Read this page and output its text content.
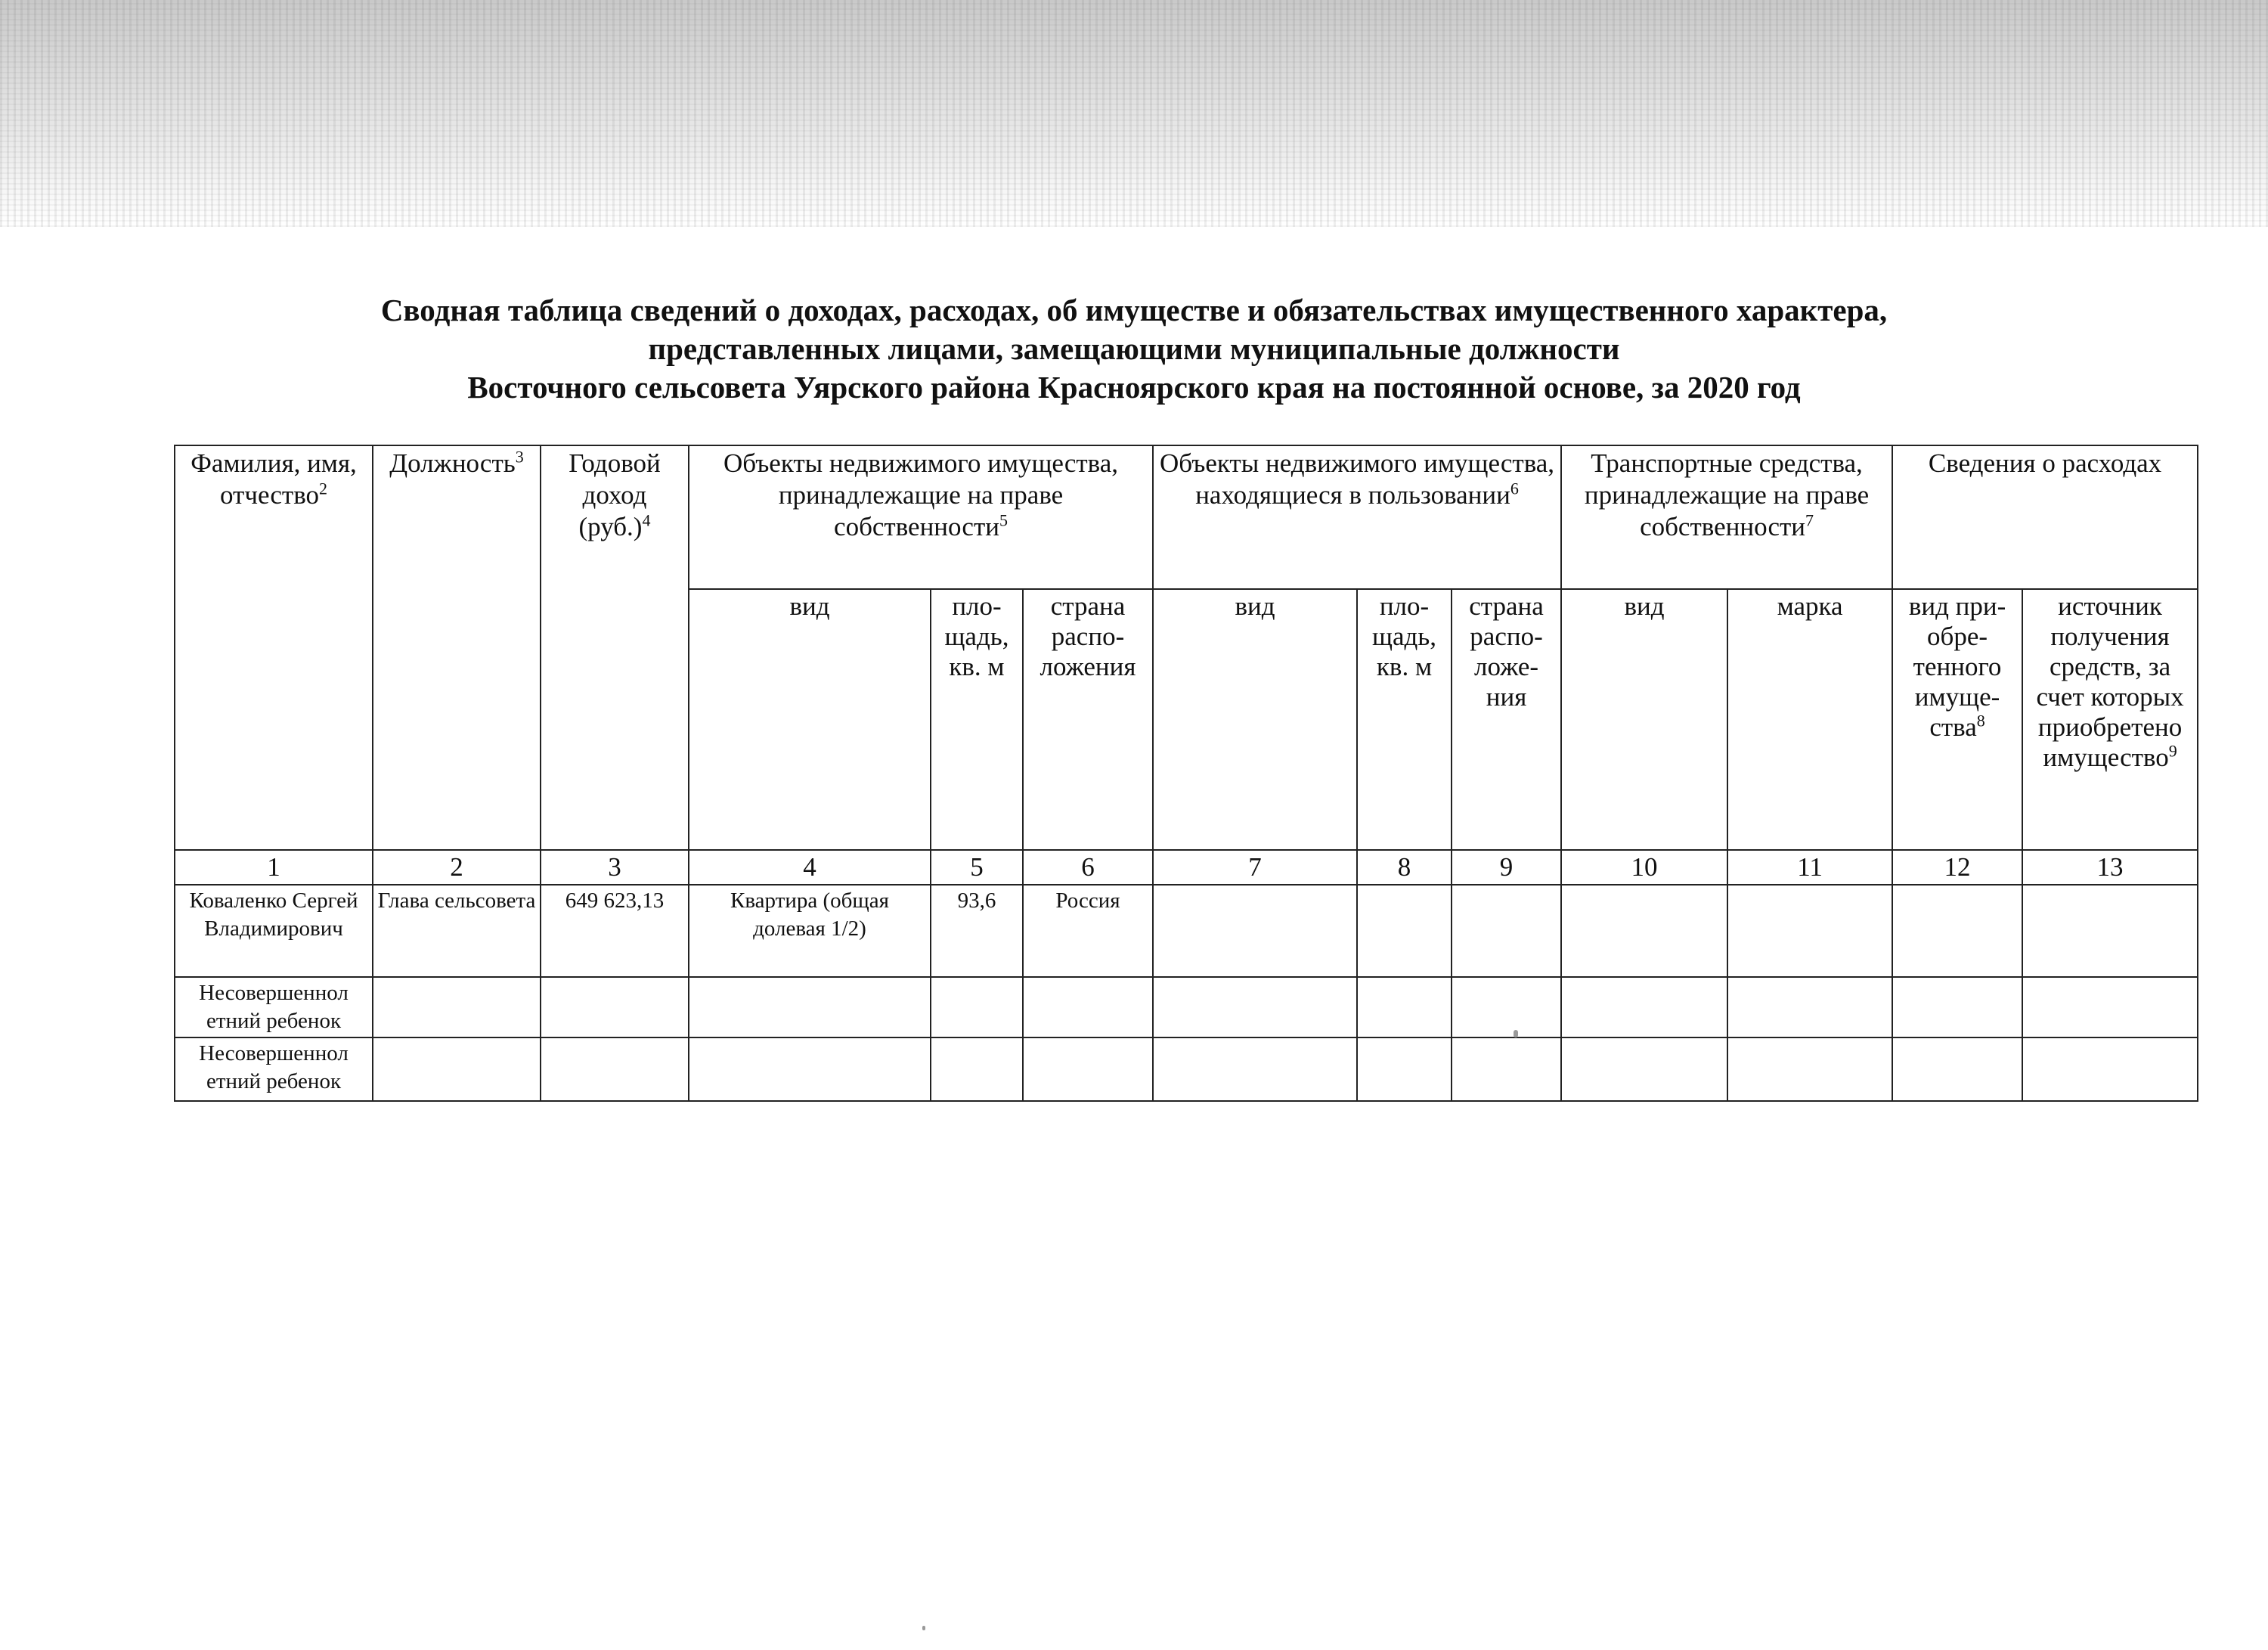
Сводная таблица сведений о доходах, расходах, об имуществе и обязательствах имущественного характера,
представленных лицами, замещающими муниципальные должности
Восточного сельсовета Уярского района Красноярского края на постоянной основе, за 2020 год
Фамилия, имя, отчество$^2$	Должность$^3$	Годовой доход $(руб.)^4$	Объекты недвижимого имущества, принадлежащие на праве собственности$^5$			Объекты недвижимого имущества, находящиеся в пользовании$^6$			Транспортные средства, принадлежащие на праве собственности$^7$		Сведения о расходах	
			вид	пло-щадь, кв. м	страна распо-ложения	вид	пло-щадь, кв. м	страна распо-ложе-ния	вид	марка	вид при-обре-тенного имуще-ства$^8$	источник получения средств, за счет которых приобретено имущество$^9$
1	2	3	4	5	6	7	8	9	10	11	12	13
Коваленко Сергей Владимирович	Глава сельсовета	649 623,13	Квартира (общая долевая 1/2)	93,6	Россия							
Несовершеннол етний ребенок												
Несовершеннол етний ребенок												
